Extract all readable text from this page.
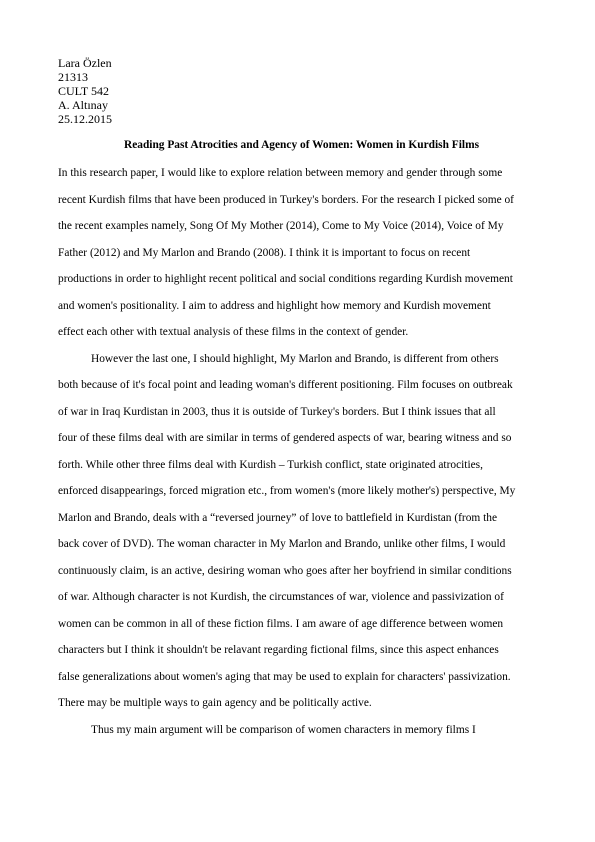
Lara Özlen
21313
CULT 542
A. Altınay
25.12.2015
Reading Past Atrocities and Agency of Women: Women in Kurdish Films
In this research paper, I would like to explore relation between memory and gender through some
recent Kurdish films that have been produced in Turkey's borders. For the research I picked some of
the recent examples namely, Song Of My Mother (2014), Come to My Voice (2014), Voice of My
Father (2012) and My Marlon and Brando (2008). I think it is important to focus on recent
productions in order to highlight recent political and social conditions regarding Kurdish movement
and women's positionality. I aim to address and highlight how memory and Kurdish movement
effect each other with textual analysis of these films in the context of gender.
However the last one, I should highlight, My Marlon and Brando, is different from others
both because of it's focal point and leading woman's different positioning. Film focuses on outbreak
of war in Iraq Kurdistan in 2003, thus it is outside of Turkey's borders. But I think issues that all
four of these films deal with are similar in terms of gendered aspects of war, bearing witness and so
forth. While other three films deal with Kurdish – Turkish conflict, state originated atrocities,
enforced disappearings, forced migration etc., from women's (more likely mother's) perspective, My
Marlon and Brando, deals with a “reversed journey” of love to battlefield in Kurdistan (from the
back cover of DVD). The woman character in My Marlon and Brando, unlike other films, I would
continuously claim, is an active, desiring woman who goes after her boyfriend in similar conditions
of war. Although character is not Kurdish, the circumstances of war, violence and passivization of
women can be common in all of these fiction films. I am aware of age difference between women
characters but I think it shouldn't be relavant regarding fictional films, since this aspect enhances
false generalizations about women's aging that may be used to explain for characters' passivization.
There may be multiple ways to gain agency and be politically active.
Thus my main argument will be comparison of women characters in memory films I
